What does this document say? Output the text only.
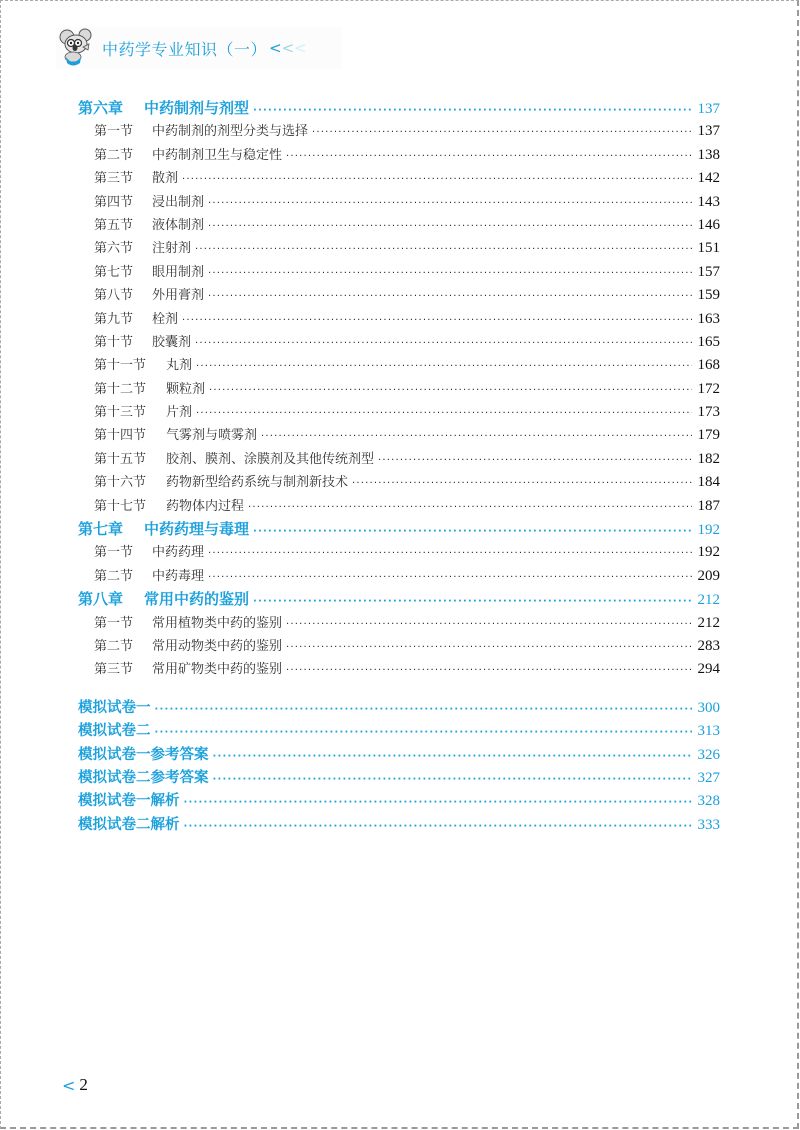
中药学专业知识（一） <<<
第六章 中药制剂与剂型 ·····	137
第一节 中药制剂的剂型分类与选择 ·····	137
第二节 中药制剂卫生与稳定性 ·····	138
第三节 散剂 ·····	142
第四节 浸出制剂 ·····	143
第五节 液体制剂 ·····	146
第六节 注射剂 ·····	151
第七节 眼用制剂 ·····	157
第八节 外用膏剂 ·····	159
第九节 栓剂 ·····	163
第十节 胶囊剂 ·····	165
第十一节 丸剂 ·····	168
第十二节 颗粒剂 ·····	172
第十三节 片剂 ·····	173
第十四节 气雾剂与喷雾剂 ·····	179
第十五节 胶剂、膜剂、涂膜剂及其他传统剂型 ·····	182
第十六节 药物新型给药系统与制剂新技术 ·····	184
第十七节 药物体内过程 ·····	187
第七章 中药药理与毒理 ·····	192
第一节 中药药理 ·····	192
第二节 中药毒理 ·····	209
第八章 常用中药的鉴别 ·····	212
第一节 常用植物类中药的鉴别 ·····	212
第二节 常用动物类中药的鉴别 ·····	283
第三节 常用矿物类中药的鉴别 ·····	294
模拟试卷一 ·····	300
模拟试卷二 ·····	313
模拟试卷一参考答案 ·····	326
模拟试卷二参考答案 ·····	327
模拟试卷一解析 ·····	328
模拟试卷二解析 ·····	333
< 2
